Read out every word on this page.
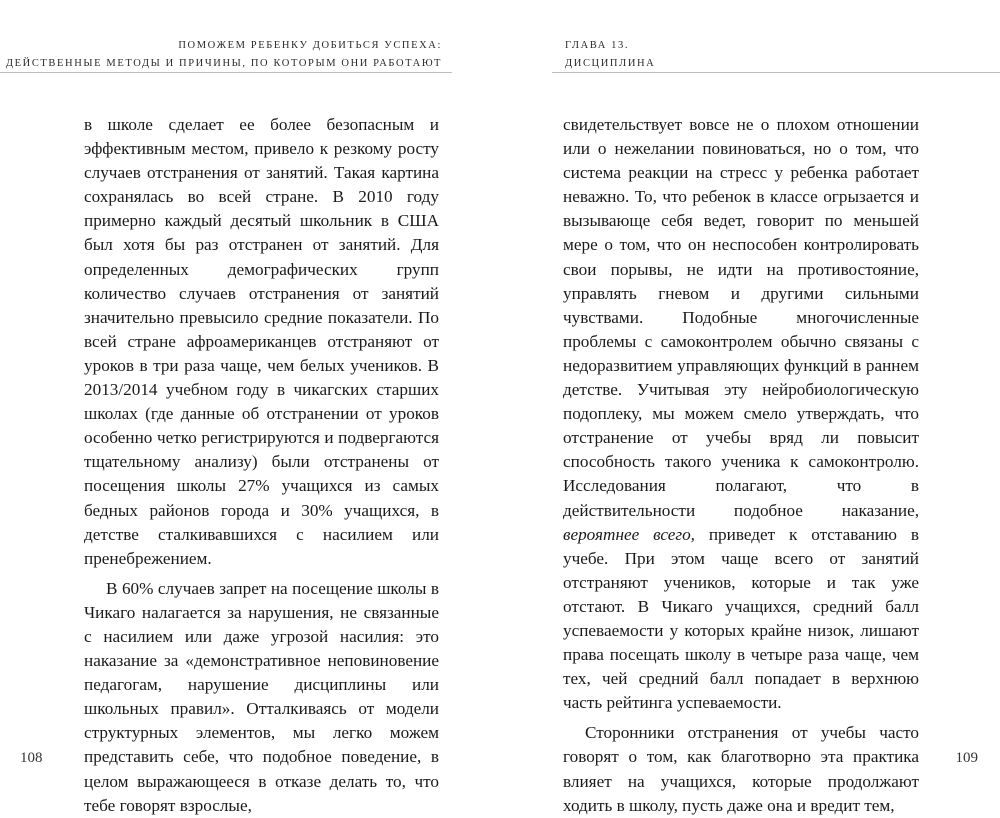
ПОМОЖЕМ РЕБЕНКУ ДОБИТЬСЯ УСПЕХА:
ДЕЙСТВЕННЫЕ МЕТОДЫ И ПРИЧИНЫ, ПО КОТОРЫМ ОНИ РАБОТАЮТ

в школе сделает ее более безопасным и эффективным местом, привело к резкому росту случаев отстранения от занятий. Такая картина сохранялась во всей стране. В 2010 году примерно каждый десятый школьник в США был хотя бы раз отстранен от занятий. Для определенных демографических групп количество случаев отстранения от занятий значительно превысило средние показатели. По всей стране афроамериканцев отстраняют от уроков в три раза чаще, чем белых учеников. В 2013/2014 учебном году в чикагских старших школах (где данные об отстранении от уроков особенно четко регистрируются и подвергаются тщательному анализу) были отстранены от посещения школы 27% учащихся из самых бедных районов города и 30% учащихся, в детстве сталкивавшихся с насилием или пренебрежением.

В 60% случаев запрет на посещение школы в Чикаго налагается за нарушения, не связанные с насилием или даже угрозой насилия: это наказание за «демонстративное неповиновение педагогам, нарушение дисциплины или школьных правил». Отталкиваясь от модели структурных элементов, мы легко можем представить себе, что подобное поведение, в целом выражающееся в отказе делать то, что тебе говорят взрослые,

108
ГЛАВА 13.
ДИСЦИПЛИНА

свидетельствует вовсе не о плохом отношении или о нежелании повиноваться, но о том, что система реакции на стресс у ребенка работает неважно. То, что ребенок в классе огрызается и вызывающе себя ведет, говорит по меньшей мере о том, что он неспособен контролировать свои порывы, не идти на противостояние, управлять гневом и другими сильными чувствами. Подобные многочисленные проблемы с самоконтролем обычно связаны с недоразвитием управляющих функций в раннем детстве. Учитывая эту нейробиологическую подоплеку, мы можем смело утверждать, что отстранение от учебы вряд ли повысит способность такого ученика к самоконтролю. Исследования полагают, что в действительности подобное наказание, вероятнее всего, приведет к отставанию в учебе. При этом чаще всего от занятий отстраняют учеников, которые и так уже отстают. В Чикаго учащихся, средний балл успеваемости у которых крайне низок, лишают права посещать школу в четыре раза чаще, чем тех, чей средний балл попадает в верхнюю часть рейтинга успеваемости.

Сторонники отстранения от учебы часто говорят о том, как благотворно эта практика влияет на учащихся, которые продолжают ходить в школу, пусть даже она и вредит тем,

109
